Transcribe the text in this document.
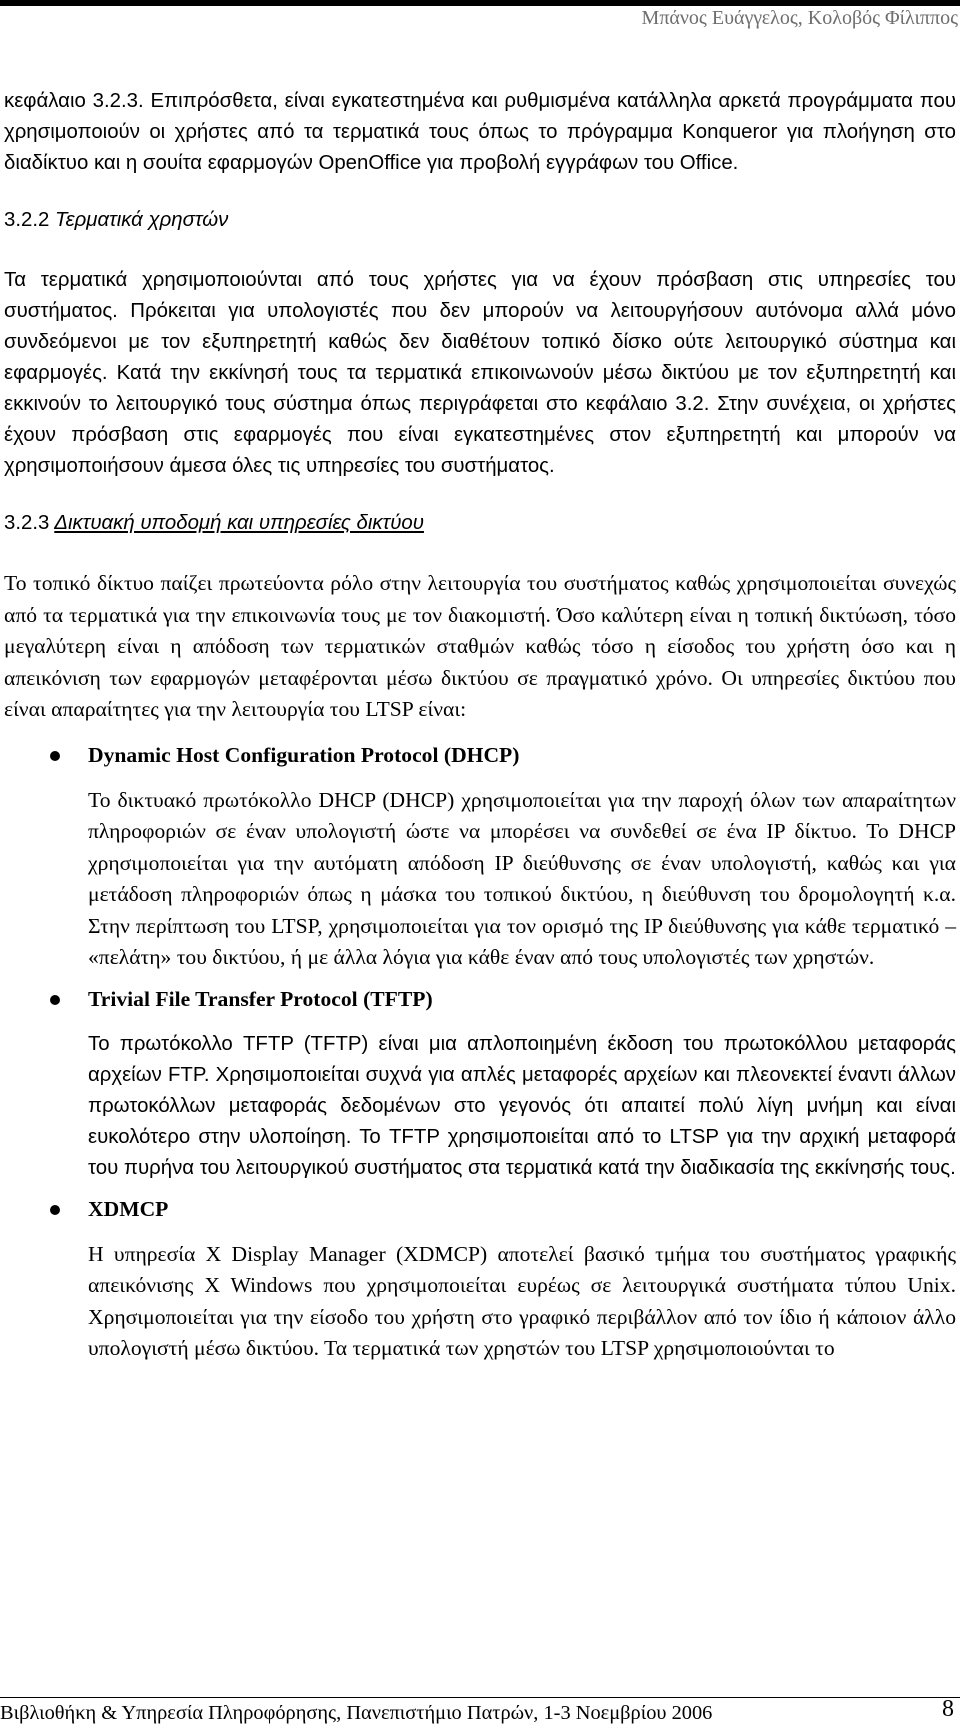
Μπάνος Ευάγγελος, Κολοβός Φίλιππος

κεφάλαιο 3.2.3. Επιπρόσθετα, είναι εγκατεστημένα και ρυθμισμένα κατάλληλα αρκετά προγράμματα που χρησιμοποιούν οι χρήστες από τα τερματικά τους όπως το πρόγραμμα Konqueror για πλοήγηση στο διαδίκτυο και η σουίτα εφαρμογών OpenOffice για προβολή εγγράφων του Office.

3.2.2 Τερματικά χρηστών

Τα τερματικά χρησιμοποιούνται από τους χρήστες για να έχουν πρόσβαση στις υπηρεσίες του συστήματος. Πρόκειται για υπολογιστές που δεν μπορούν να λειτουργήσουν αυτόνομα αλλά μόνο συνδεόμενοι με τον εξυπηρετητή καθώς δεν διαθέτουν τοπικό δίσκο ούτε λειτουργικό σύστημα και εφαρμογές. Κατά την εκκίνησή τους τα τερματικά επικοινωνούν μέσω δικτύου με τον εξυπηρετητή και εκκινούν το λειτουργικό τους σύστημα όπως περιγράφεται στο κεφάλαιο 3.2. Στην συνέχεια, οι χρήστες έχουν πρόσβαση στις εφαρμογές που είναι εγκατεστημένες στον εξυπηρετητή και μπορούν να χρησιμοποιήσουν άμεσα όλες τις υπηρεσίες του συστήματος.

3.2.3 Δικτυακή υποδομή και υπηρεσίες δικτύου

Το τοπικό δίκτυο παίζει πρωτεύοντα ρόλο στην λειτουργία του συστήματος καθώς χρησιμοποιείται συνεχώς από τα τερματικά για την επικοινωνία τους με τον διακομιστή. Όσο καλύτερη είναι η τοπική δικτύωση, τόσο μεγαλύτερη είναι η απόδοση των τερματικών σταθμών καθώς τόσο η είσοδος του χρήστη όσο και η απεικόνιση των εφαρμογών μεταφέρονται μέσω δικτύου σε πραγματικό χρόνο. Οι υπηρεσίες δικτύου που είναι απαραίτητες για την λειτουργία του LTSP είναι:

Dynamic Host Configuration Protocol (DHCP)

Το δικτυακό πρωτόκολλο DHCP (DHCP) χρησιμοποιείται για την παροχή όλων των απαραίτητων πληροφοριών σε έναν υπολογιστή ώστε να μπορέσει να συνδεθεί σε ένα IP δίκτυο. Το DHCP χρησιμοποιείται για την αυτόματη απόδοση IP διεύθυνσης σε έναν υπολογιστή, καθώς και για μετάδοση πληροφοριών όπως η μάσκα του τοπικού δικτύου, η διεύθυνση του δρομολογητή κ.α. Στην περίπτωση του LTSP, χρησιμοποιείται για τον ορισμό της IP διεύθυνσης για κάθε τερματικό – «πελάτη» του δικτύου, ή με άλλα λόγια για κάθε έναν από τους υπολογιστές των χρηστών.

Trivial File Transfer Protocol (TFTP)

Το πρωτόκολλο TFTP (TFTP) είναι μια απλοποιημένη έκδοση του πρωτοκόλλου μεταφοράς αρχείων FTP. Χρησιμοποιείται συχνά για απλές μεταφορές αρχείων και πλεονεκτεί έναντι άλλων πρωτοκόλλων μεταφοράς δεδομένων στο γεγονός ότι απαιτεί πολύ λίγη μνήμη και είναι ευκολότερο στην υλοποίηση. Το TFTP χρησιμοποιείται από το LTSP για την αρχική μεταφορά του πυρήνα του λειτουργικού συστήματος στα τερματικά κατά την διαδικασία της εκκίνησής τους.

XDMCP

Η υπηρεσία X Display Manager (XDMCP) αποτελεί βασικό τμήμα του συστήματος γραφικής απεικόνισης X Windows που χρησιμοποιείται ευρέως σε λειτουργικά συστήματα τύπου Unix. Χρησιμοποιείται για την είσοδο του χρήστη στο γραφικό περιβάλλον από τον ίδιο ή κάποιον άλλο υπολογιστή μέσω δικτύου. Τα τερματικά των χρηστών του LTSP χρησιμοποιούνται το

Βιβλιοθήκη & Υπηρεσία Πληροφόρησης, Πανεπιστήμιο Πατρών, 1-3 Νοεμβρίου 2006	8
